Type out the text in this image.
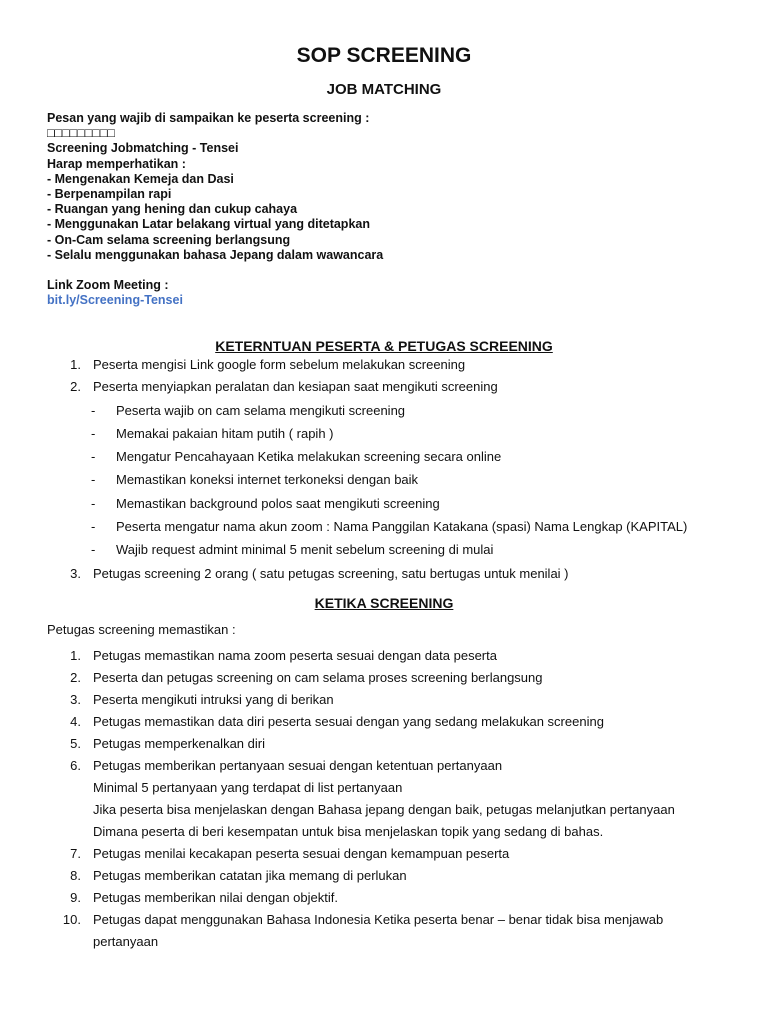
SOP SCREENING
JOB MATCHING
Pesan yang wajib di sampaikan ke peserta screening :
□□□□□□□□□
Screening Jobmatching - Tensei
Harap memperhatikan :
- Mengenakan Kemeja dan Dasi
- Berpenampilan rapi
- Ruangan yang hening dan cukup cahaya
- Menggunakan Latar belakang virtual yang ditetapkan
- On-Cam selama screening berlangsung
- Selalu menggunakan bahasa Jepang dalam wawancara
Link Zoom Meeting :
bit.ly/Screening-Tensei
KETERNTUAN PESERTA & PETUGAS SCREENING
1. Peserta mengisi Link google form sebelum melakukan screening
2. Peserta menyiapkan peralatan dan kesiapan saat mengikuti screening
- Peserta wajib on cam selama mengikuti screening
- Memakai pakaian hitam putih ( rapih )
- Mengatur Pencahayaan Ketika melakukan screening secara online
- Memastikan koneksi internet terkoneksi dengan baik
- Memastikan background polos saat mengikuti screening
- Peserta mengatur nama akun zoom : Nama Panggilan Katakana (spasi) Nama Lengkap (KAPITAL)
- Wajib request admint minimal 5 menit sebelum screening di mulai
3. Petugas screening 2 orang ( satu petugas screening, satu bertugas untuk menilai )
KETIKA SCREENING
Petugas screening memastikan :
1. Petugas memastikan nama zoom peserta sesuai dengan data peserta
2. Peserta dan petugas screening on cam selama proses screening berlangsung
3. Peserta mengikuti intruksi yang di berikan
4. Petugas memastikan data diri peserta sesuai dengan yang sedang melakukan screening
5. Petugas memperkenalkan diri
6. Petugas memberikan pertanyaan sesuai dengan ketentuan pertanyaan
Minimal 5 pertanyaan yang terdapat di list pertanyaan
Jika peserta bisa menjelaskan dengan Bahasa jepang dengan baik, petugas melanjutkan pertanyaan
Dimana peserta di beri kesempatan untuk bisa menjelaskan topik yang sedang di bahas.
7. Petugas menilai kecakapan peserta sesuai dengan kemampuan peserta
8. Petugas memberikan catatan jika memang di perlukan
9. Petugas memberikan nilai dengan objektif.
10. Petugas dapat menggunakan Bahasa Indonesia Ketika peserta benar – benar tidak bisa menjawab
pertanyaan
